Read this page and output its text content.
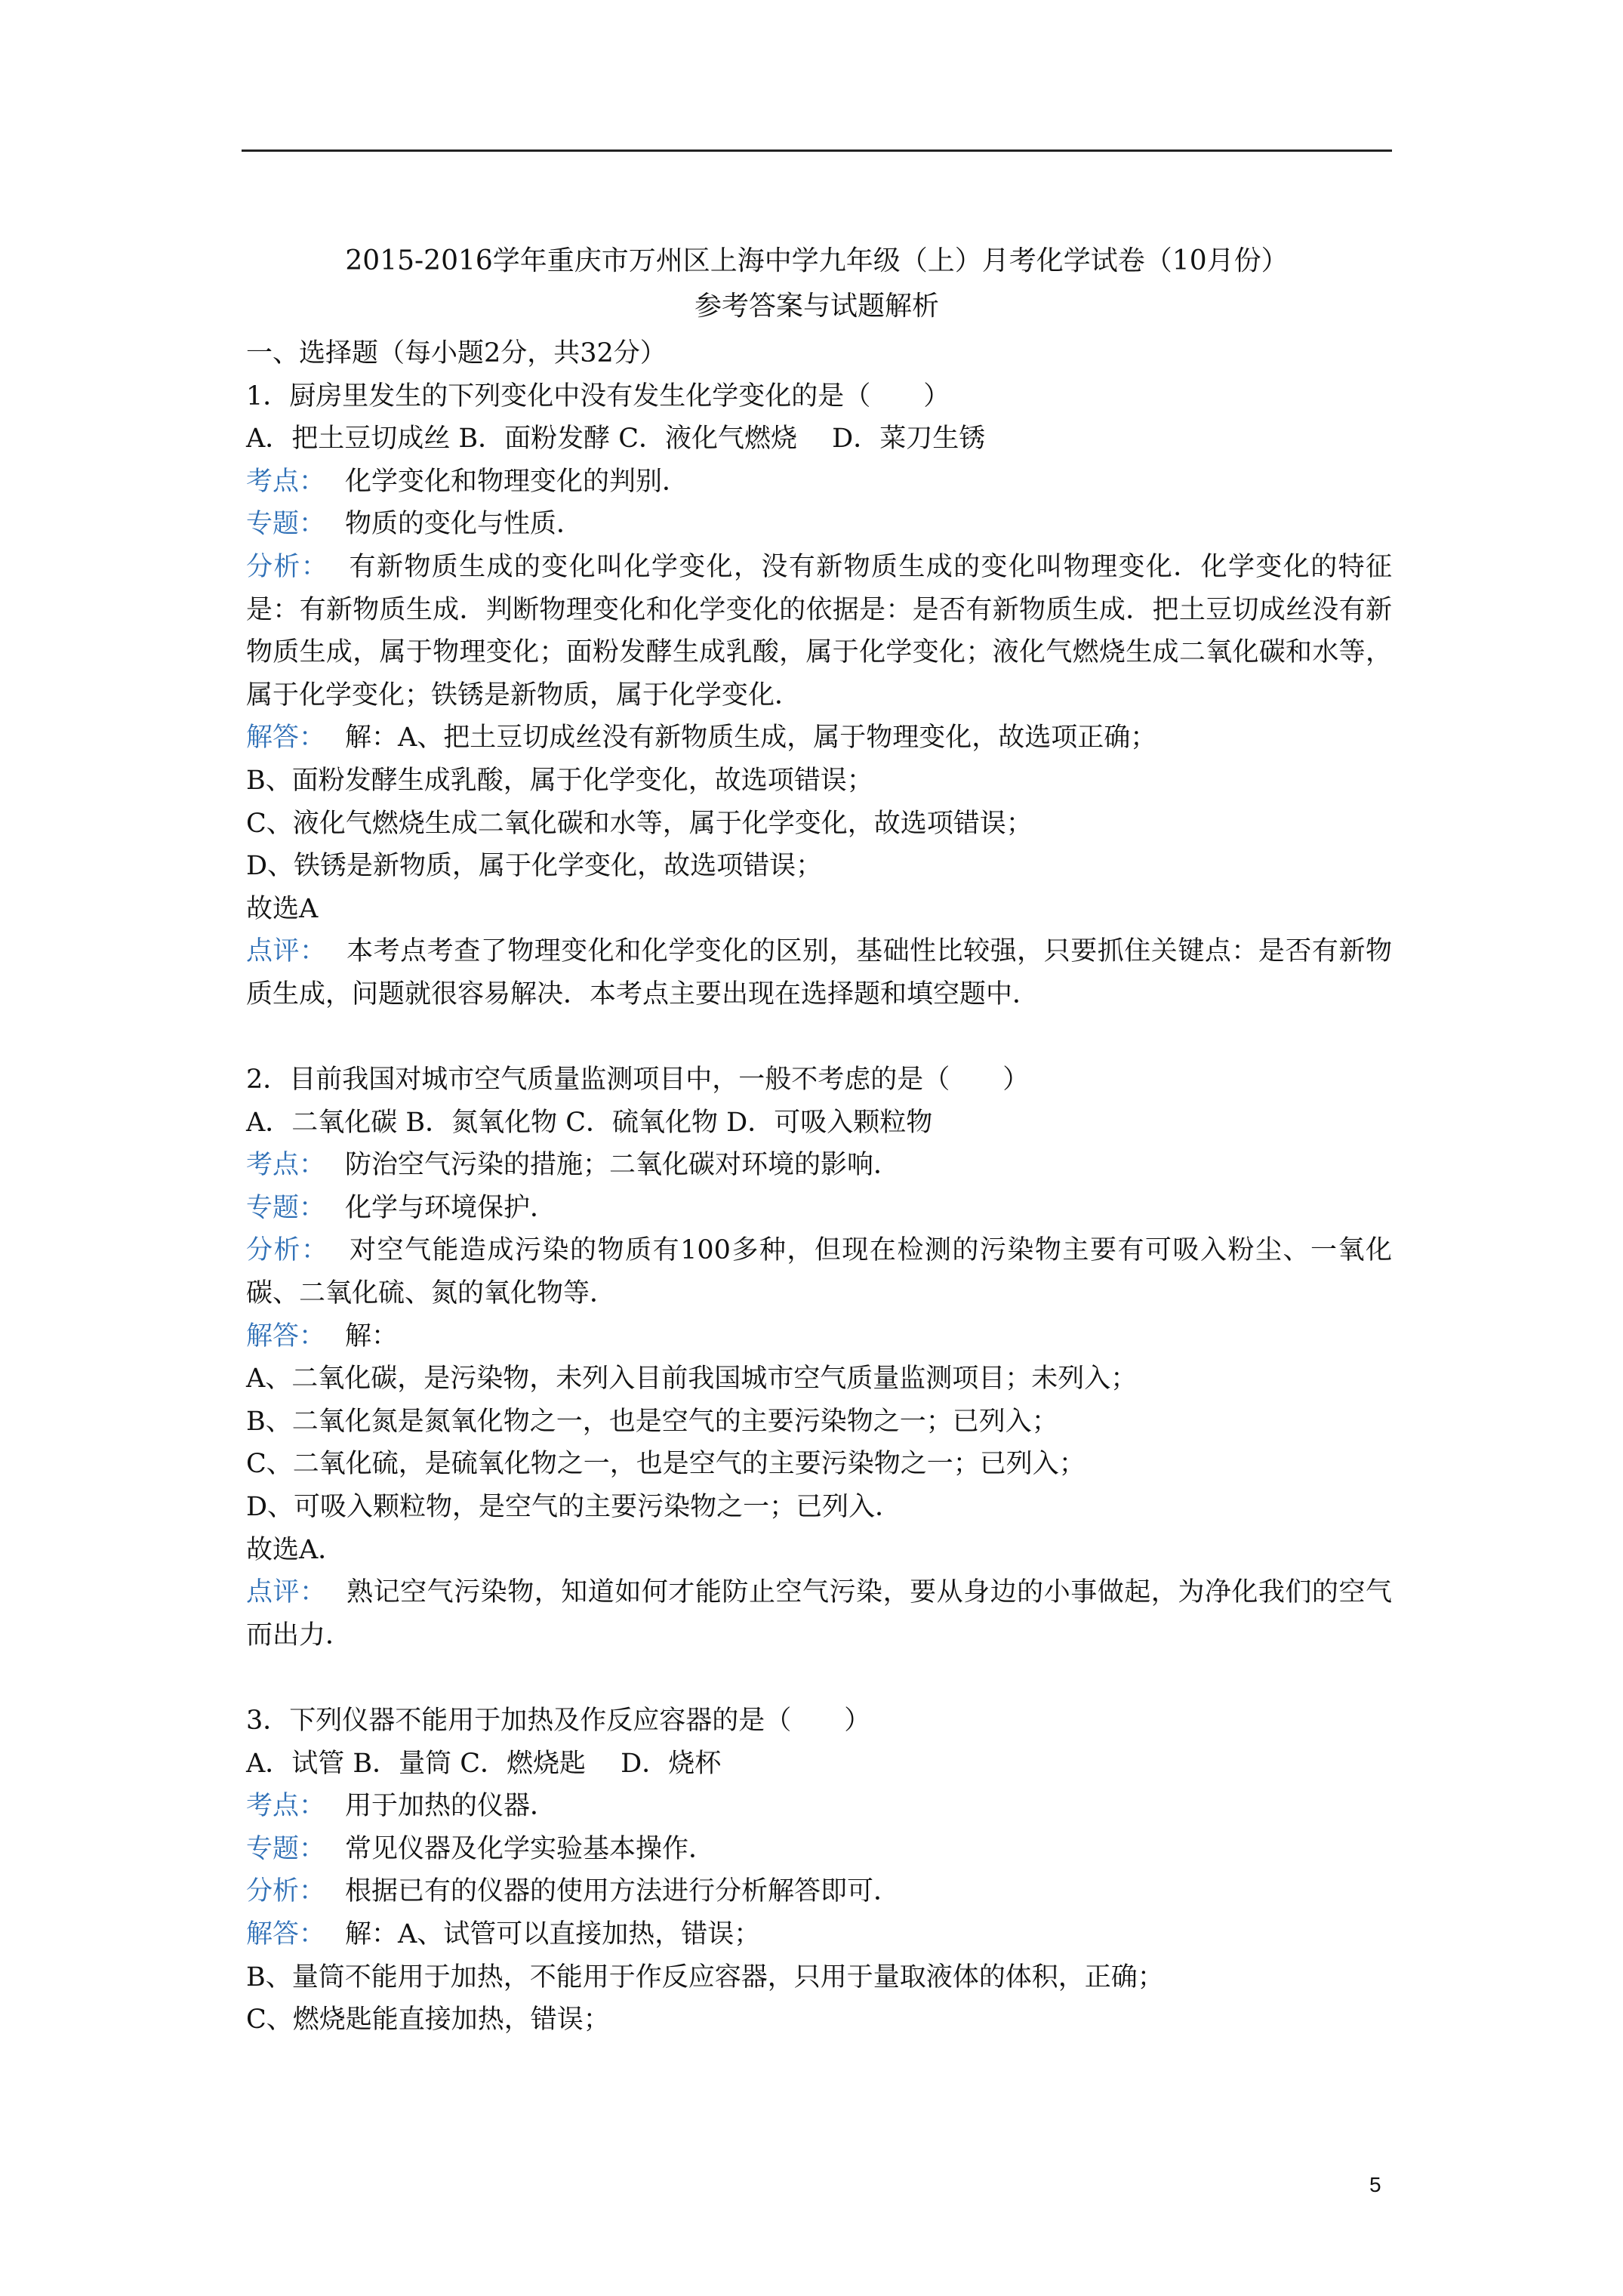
2015-2016学年重庆市万州区上海中学九年级（上）月考化学试卷（10月份）
参考答案与试题解析
一、选择题（每小题2分，共32分）
1．厨房里发生的下列变化中没有发生化学变化的是（　　）
A．把土豆切成丝 B．面粉发酵 C．液化气燃烧　 D．菜刀生锈
考点： 化学变化和物理变化的判别．
专题： 物质的变化与性质．
分析： 有新物质生成的变化叫化学变化，没有新物质生成的变化叫物理变化．化学变化的特征是：有新物质生成．判断物理变化和化学变化的依据是：是否有新物质生成．把土豆切成丝没有新物质生成，属于物理变化；面粉发酵生成乳酸，属于化学变化；液化气燃烧生成二氧化碳和水等，属于化学变化；铁锈是新物质，属于化学变化．
解答： 解：A、把土豆切成丝没有新物质生成，属于物理变化，故选项正确；
B、面粉发酵生成乳酸，属于化学变化，故选项错误；
C、液化气燃烧生成二氧化碳和水等，属于化学变化，故选项错误；
D、铁锈是新物质，属于化学变化，故选项错误；
故选A
点评： 本考点考查了物理变化和化学变化的区别，基础性比较强，只要抓住关键点：是否有新物质生成，问题就很容易解决．本考点主要出现在选择题和填空题中．
2．目前我国对城市空气质量监测项目中，一般不考虑的是（　　）
A．二氧化碳 B．氮氧化物 C．硫氧化物 D．可吸入颗粒物
考点： 防治空气污染的措施；二氧化碳对环境的影响．
专题： 化学与环境保护．
分析： 对空气能造成污染的物质有100多种，但现在检测的污染物主要有可吸入粉尘、一氧化碳、二氧化硫、氮的氧化物等．
解答： 解：
A、二氧化碳，是污染物，未列入目前我国城市空气质量监测项目；未列入；
B、二氧化氮是氮氧化物之一，也是空气的主要污染物之一；已列入；
C、二氧化硫，是硫氧化物之一，也是空气的主要污染物之一；已列入；
D、可吸入颗粒物，是空气的主要污染物之一；已列入．
故选A．
点评： 熟记空气污染物，知道如何才能防止空气污染，要从身边的小事做起，为净化我们的空气而出力．
3．下列仪器不能用于加热及作反应容器的是（　　）
A．试管 B．量筒 C．燃烧匙　 D．烧杯
考点： 用于加热的仪器．
专题： 常见仪器及化学实验基本操作．
分析： 根据已有的仪器的使用方法进行分析解答即可．
解答： 解：A、试管可以直接加热，错误；
B、量筒不能用于加热，不能用于作反应容器，只用于量取液体的体积，正确；
C、燃烧匙能直接加热，错误；
5
